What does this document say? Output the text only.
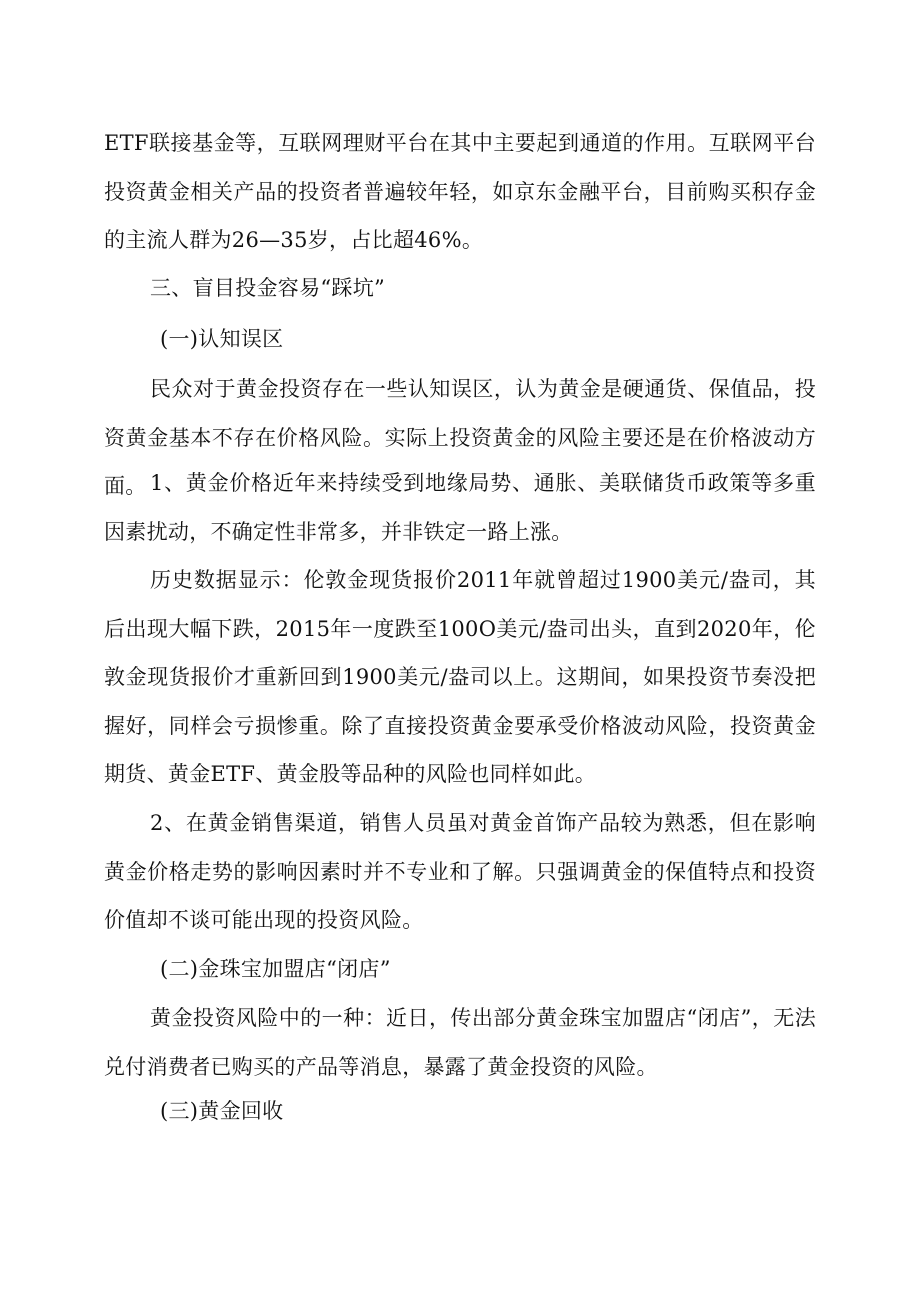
ETF联接基金等，互联网理财平台在其中主要起到通道的作用。互联网平台投资黄金相关产品的投资者普遍较年轻，如京东金融平台，目前购买积存金的主流人群为26—35岁，占比超46%。

三、盲目投金容易“踩坑”

(一)认知误区

民众对于黄金投资存在一些认知误区，认为黄金是硬通货、保值品，投资黄金基本不存在价格风险。实际上投资黄金的风险主要还是在价格波动方面。 1、黄金价格近年来持续受到地缘局势、通胀、美联储货币政策等多重因素扰动，不确定性非常多，并非铁定一路上涨。

历史数据显示：伦敦金现货报价2011年就曾超过1900美元/盎司，其后出现大幅下跌，2015年一度跌至100O美元/盎司出头，直到2020年，伦敦金现货报价才重新回到1900美元/盎司以上。这期间，如果投资节奏没把握好，同样会亏损惨重。除了直接投资黄金要承受价格波动风险，投资黄金期货、黄金ETF、黄金股等品种的风险也同样如此。

2、在黄金销售渠道，销售人员虽对黄金首饰产品较为熟悉，但在影响黄金价格走势的影响因素时并不专业和了解。只强调黄金的保值特点和投资价值却不谈可能出现的投资风险。

(二)金珠宝加盟店“闭店”

黄金投资风险中的一种：近日，传出部分黄金珠宝加盟店“闭店”，无法兑付消费者已购买的产品等消息，暴露了黄金投资的风险。

(三)黄金回收
